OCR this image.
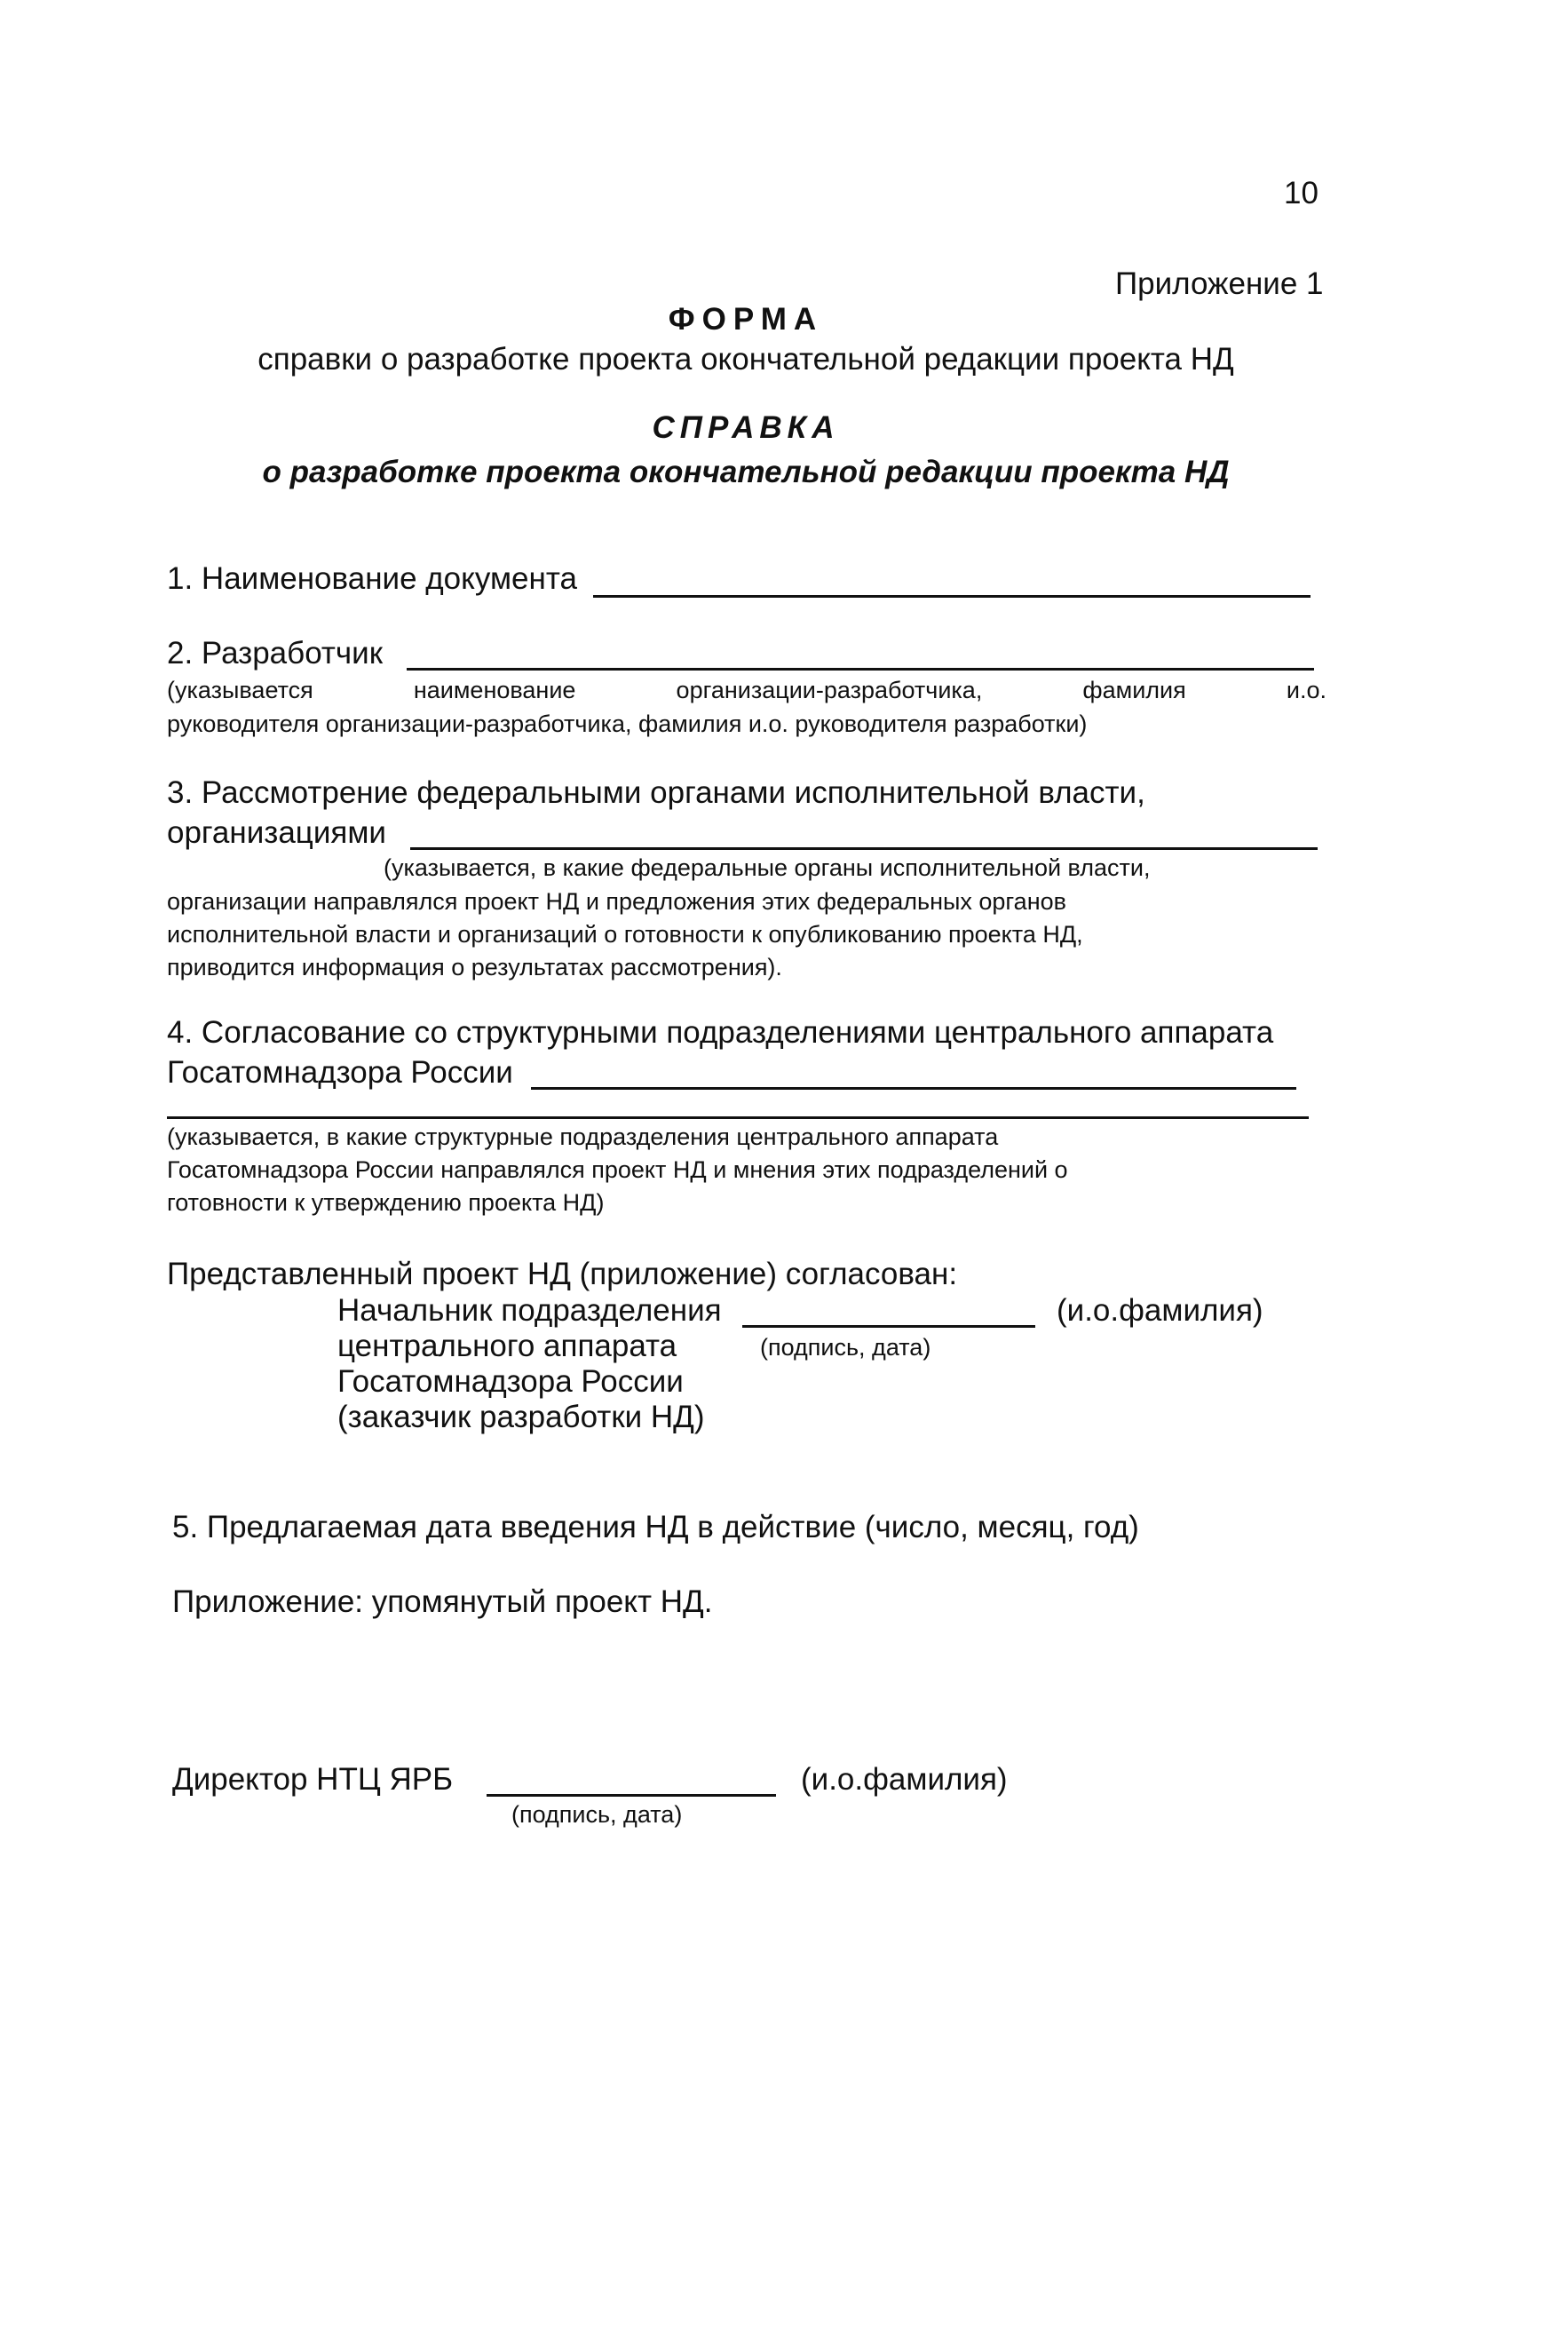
10
Приложение 1
ФОРМА
справки о разработке проекта окончательной редакции проекта НД
СПРАВКА
о разработке проекта окончательной редакции проекта НД
1. Наименование документа
2. Разработчик
(указывается	наименование	организации-разработчика,	фамилия	и.о.
руководителя организации-разработчика, фамилия и.о. руководителя разработки)
3. Рассмотрение федеральными органами исполнительной власти,
организациями
(указывается, в какие федеральные органы исполнительной власти,
организации направлялся проект НД и предложения этих федеральных органов
исполнительной власти и организаций о готовности к опубликованию проекта НД,
приводится информация о результатах рассмотрения).
4. Согласование со структурными подразделениями центрального аппарата
Госатомнадзора России
(указывается, в какие структурные подразделения центрального аппарата
Госатомнадзора России направлялся проект НД и мнения этих подразделений о
готовности к утверждению проекта НД)
Представленный проект НД (приложение) согласован:
Начальник подразделения	(и.о.фамилия)
центрального аппарата	(подпись, дата)
Госатомнадзора России
(заказчик разработки НД)
5. Предлагаемая дата введения НД в действие (число, месяц, год)
Приложение: упомянутый проект НД.
Директор НТЦ ЯРБ	(и.о.фамилия)
(подпись, дата)
